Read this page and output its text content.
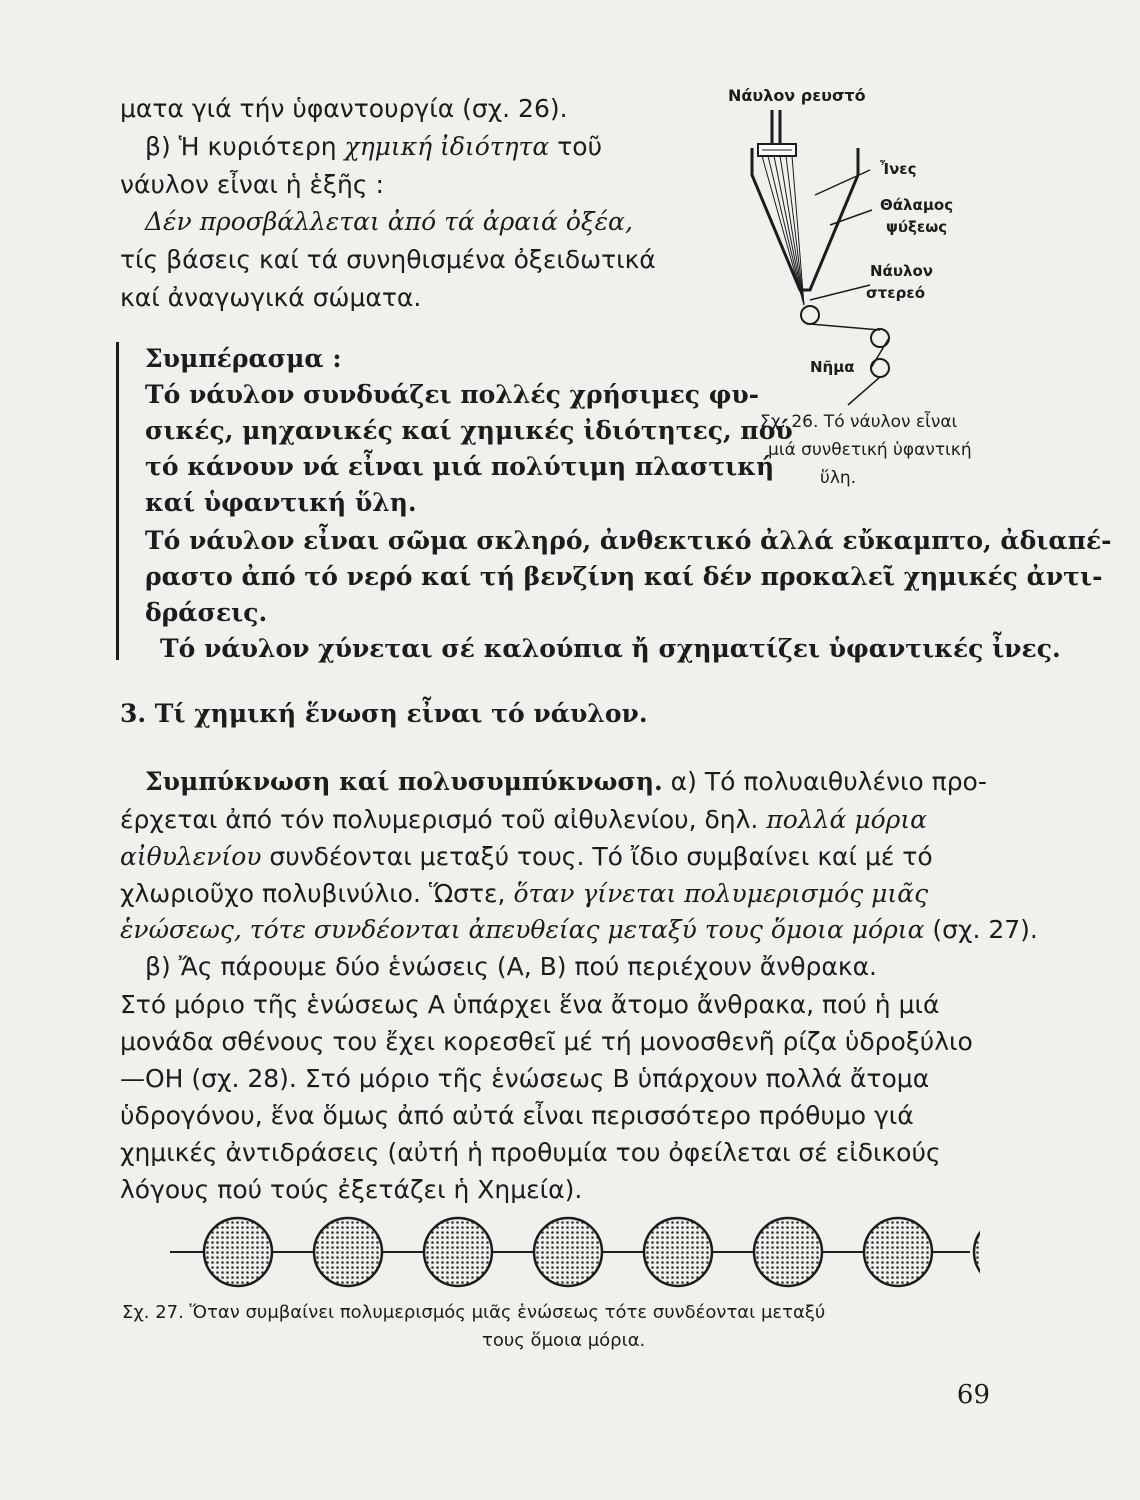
ματα γιά τήν ὑφαντουργία (σχ. 26).
β) Ἡ κυριότερη χημική ἰδιότητα τοῦ
νάυλον εἶναι ἡ ἑξῆς :
Δέν προσβάλλεται ἀπό τά ἀραιά ὀξέα,
τίς βάσεις καί τά συνηθισμένα ὀξειδωτικά
καί ἀναγωγικά σώματα.
Συμπέρασμα :
Τό νάυλον συνδυάζει πολλές χρήσιμες φυ-
σικές, μηχανικές καί χημικές ἰδιότητες, πού
τό κάνουν νά εἶναι μιά πολύτιμη πλαστική
καί ὑφαντική ὕλη.
Τό νάυλον εἶναι σῶμα σκληρό, ἀνθεκτικό ἀλλά εὔκαμπτο, ἀδιαπέ-
ραστο ἀπό τό νερό καί τή βενζίνη καί δέν προκαλεῖ χημικές ἀντι-
δράσεις.
Τό νάυλον χύνεται σέ καλούπια ἤ σχηματίζει ὑφαντικές ἶνες.
Νάυλον ρευστό
Ἶνες
Θάλαμος
ψύξεως
Νάυλον
στερεό
Νῆμα
Σχ. 26. Τό νάυλον εἶναι
μιά συνθετική ὑφαντική
ὕλη.
3. Τί χημική ἕνωση εἶναι τό νάυλον.
Συμπύκνωση καί πολυσυμπύκνωση. α) Τό πολυαιθυλένιο προ-
έρχεται ἀπό τόν πολυμερισμό τοῦ αἰθυλενίου, δηλ. πολλά μόρια
αἰθυλενίου συνδέονται μεταξύ τους. Τό ἴδιο συμβαίνει καί μέ τό
χλωριοῦχο πολυβινύλιο. Ὥστε, ὅταν γίνεται πολυμερισμός μιᾶς
ἑνώσεως, τότε συνδέονται ἀπευθείας μεταξύ τους ὅμοια μόρια (σχ. 27).
β) Ἄς πάρουμε δύο ἑνώσεις (Α, Β) πού περιέχουν ἄνθρακα.
Στό μόριο τῆς ἑνώσεως Α ὑπάρχει ἕνα ἄτομο ἄνθρακα, πού ἡ μιά
μονάδα σθένους του ἔχει κορεσθεῖ μέ τή μονοσθενῆ ρίζα ὑδροξύλιο
—ΟΗ (σχ. 28). Στό μόριο τῆς ἑνώσεως Β ὑπάρχουν πολλά ἄτομα
ὑδρογόνου, ἕνα ὅμως ἀπό αὐτά εἶναι περισσότερο πρόθυμο γιά
χημικές ἀντιδράσεις (αὐτή ἡ προθυμία του ὀφείλεται σέ εἰδικούς
λόγους πού τούς ἐξετάζει ἡ Χημεία).
Σχ. 27. Ὅταν συμβαίνει πολυμερισμός μιᾶς ἑνώσεως τότε συνδέονται μεταξύ
τους ὅμοια μόρια.
69
